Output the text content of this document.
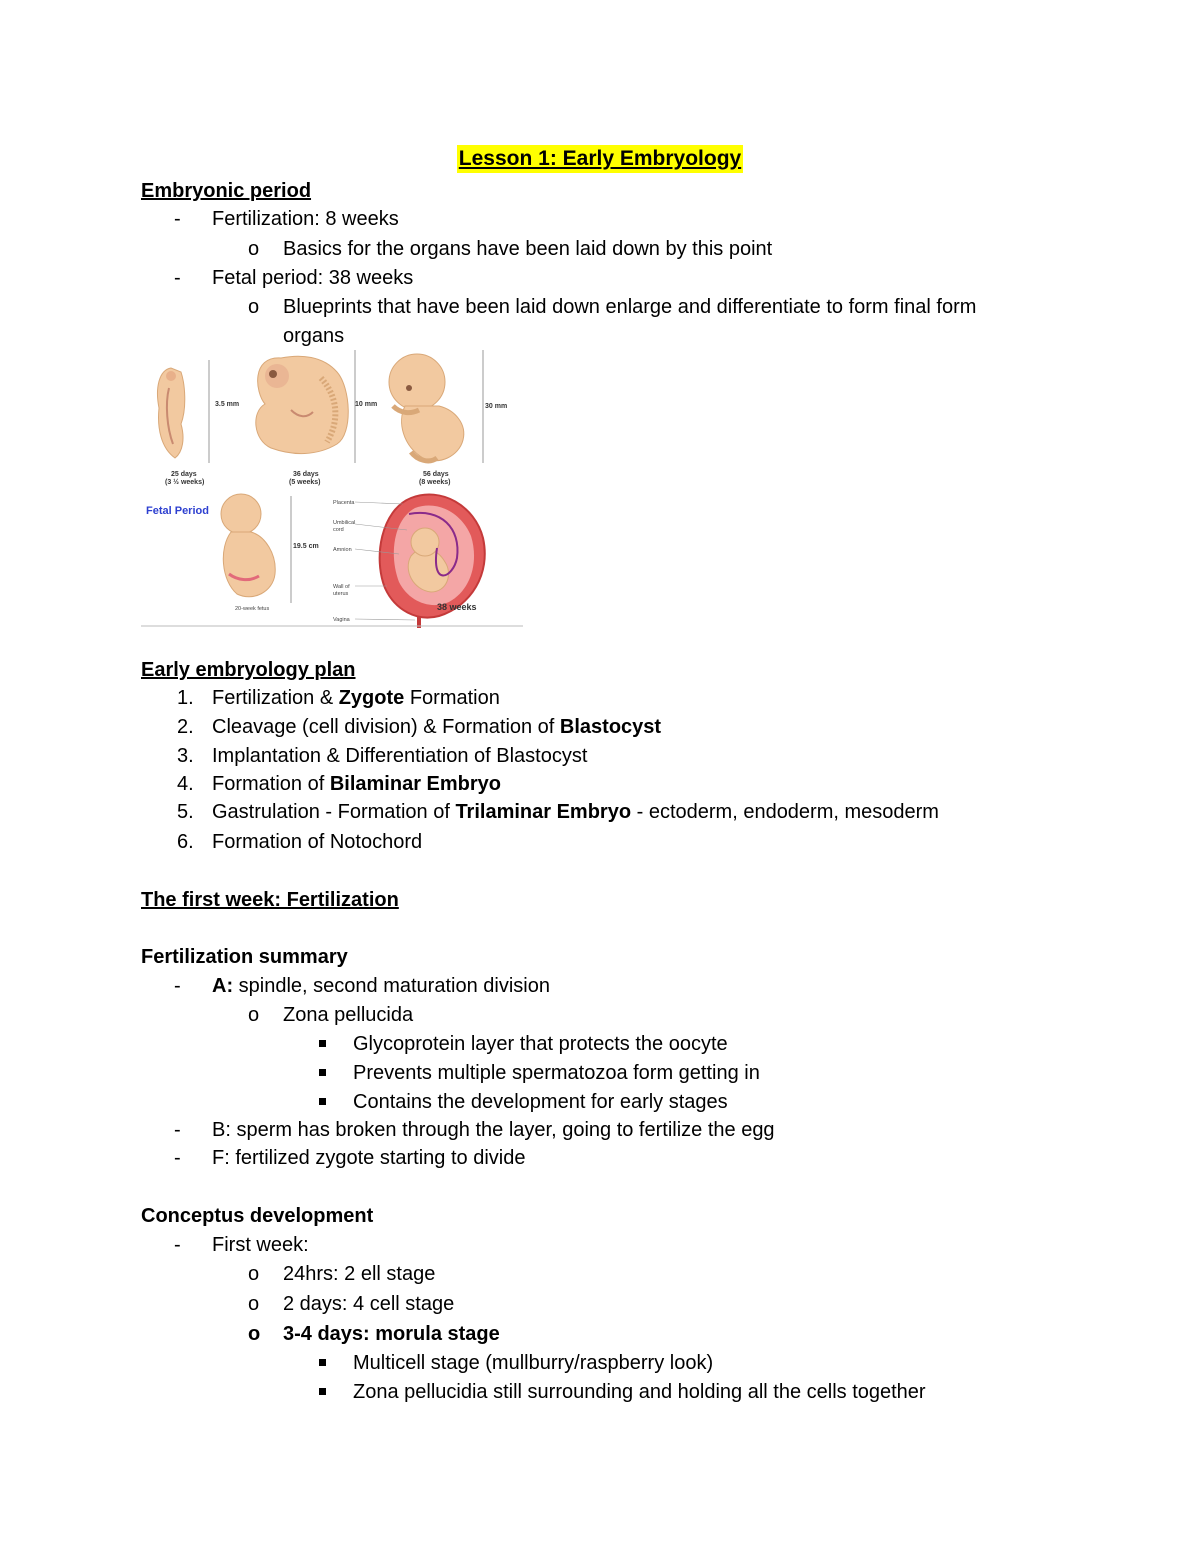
Lesson 1: Early Embryology
Embryonic period
- Fertilization: 8 weeks
o Basics for the organs have been laid down by this point
- Fetal period: 38 weeks
o Blueprints that have been laid down enlarge and differentiate to form final form
organs
3.5 mm
25 days
(3 ½ weeks)
10 mm
36 days
(5 weeks)
30 mm
56 days
(8 weeks)
Fetal Period
19.5 cm
20-week fetus
Placenta
Umbilical
cord
Amnion
Wall of
uterus
Vagina
38 weeks
Early embryology plan
1. Fertilization & Zygote Formation
2. Cleavage (cell division) & Formation of Blastocyst
3. Implantation & Differentiation of Blastocyst
4. Formation of Bilaminar Embryo
5. Gastrulation - Formation of Trilaminar Embryo - ectoderm, endoderm, mesoderm
6. Formation of Notochord
The first week: Fertilization
Fertilization summary
- A: spindle, second maturation division
o Zona pellucida
Glycoprotein layer that protects the oocyte
Prevents multiple spermatozoa form getting in
Contains the development for early stages
- B: sperm has broken through the layer, going to fertilize the egg
- F: fertilized zygote starting to divide
Conceptus development
- First week:
o 24hrs: 2 ell stage
o 2 days: 4 cell stage
o 3-4 days: morula stage
Multicell stage (mullburry/raspberry look)
Zona pellucidia still surrounding and holding all the cells together
